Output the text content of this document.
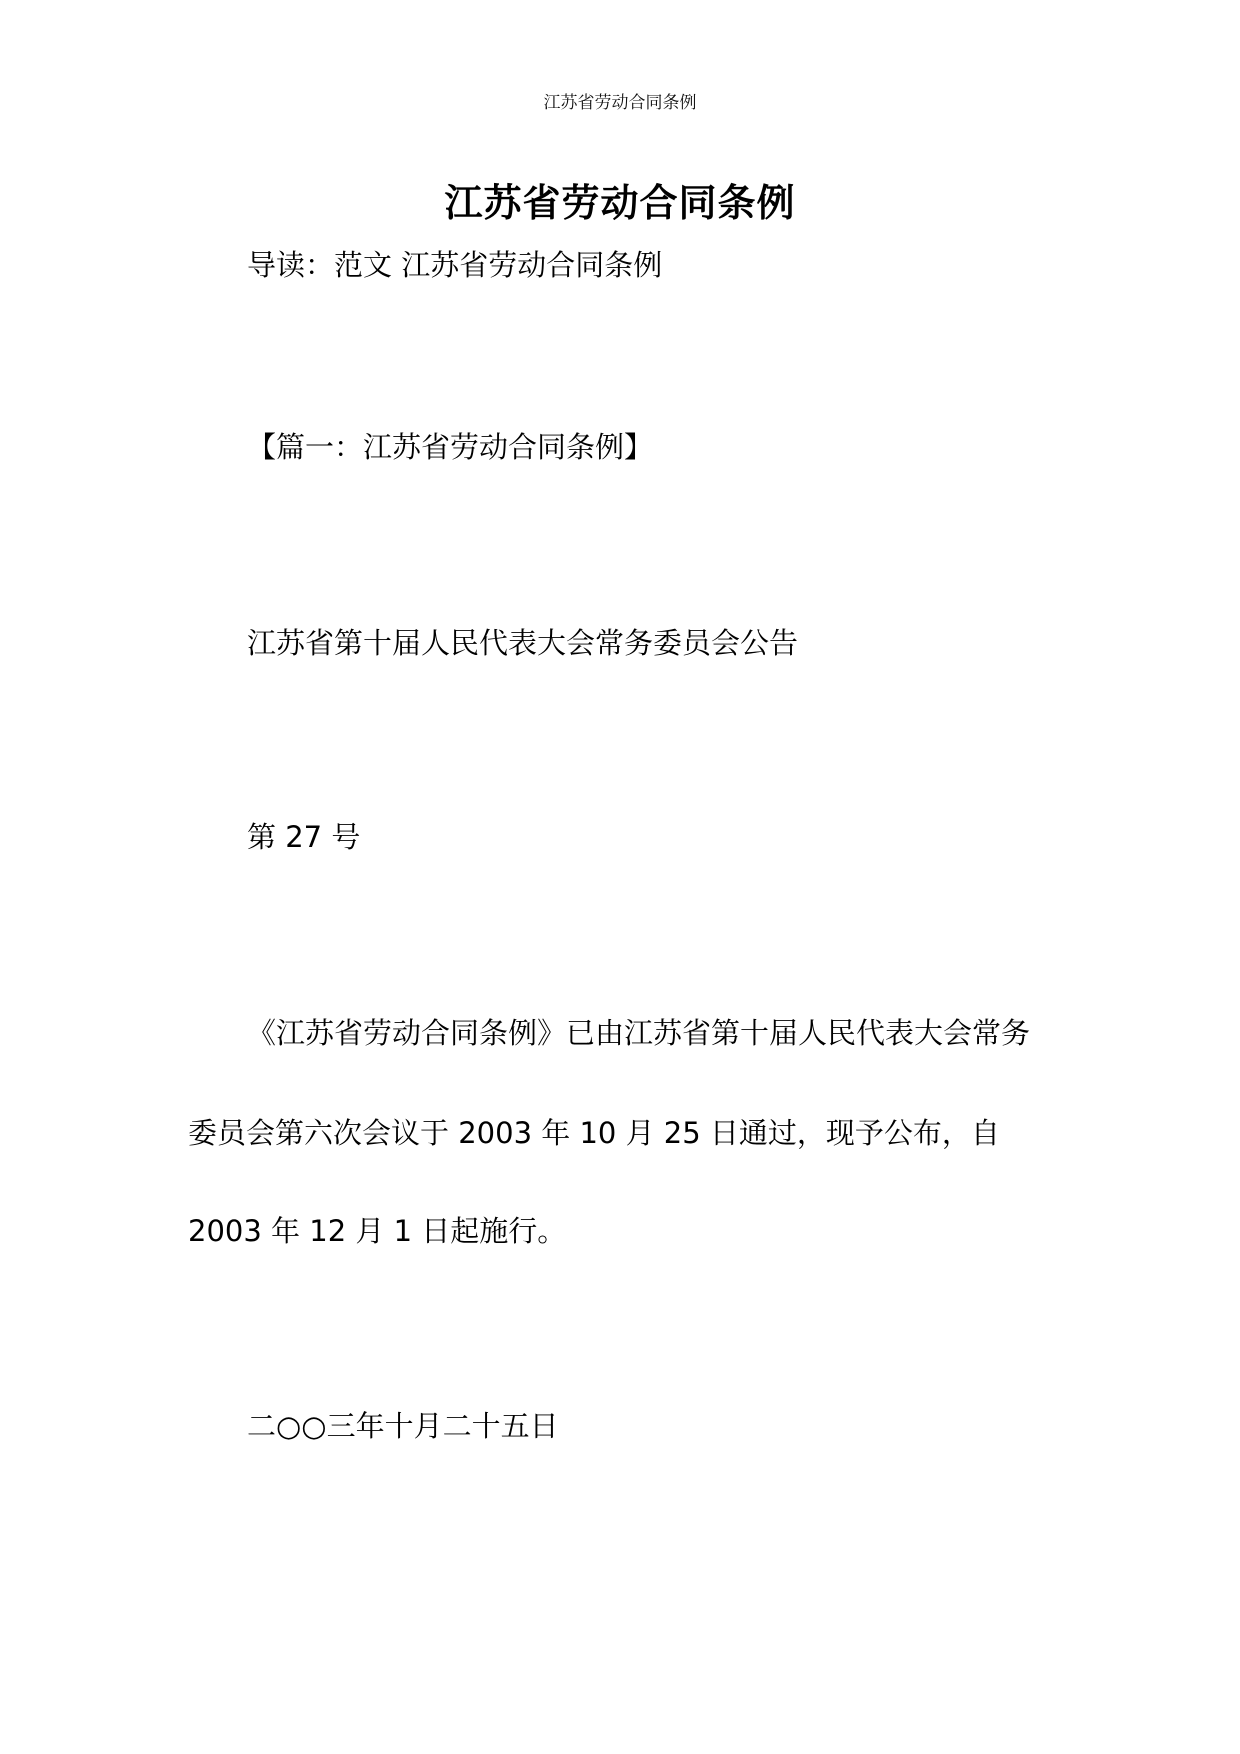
江苏省劳动合同条例
江苏省劳动合同条例
导读：范文 江苏省劳动合同条例
【篇一：江苏省劳动合同条例】
江苏省第十届人民代表大会常务委员会公告
第 27 号
《江苏省劳动合同条例》已由江苏省第十届人民代表大会常务
委员会第六次会议于 2003 年 10 月 25 日通过，现予公布，自
2003 年 12 月 1 日起施行。
二○○三年十月二十五日
